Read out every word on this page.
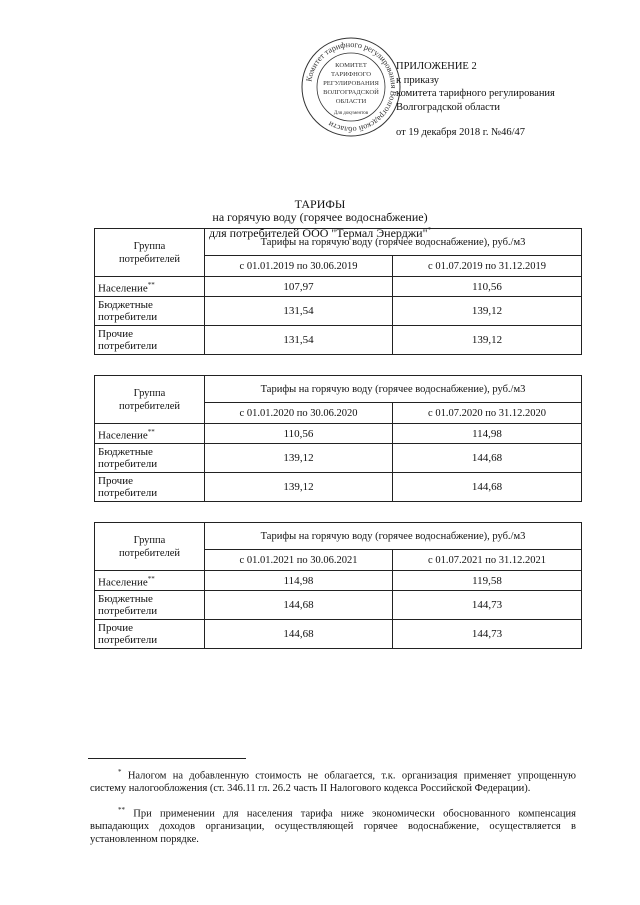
Комитет тарифного регулирования Волгоградской области
КОМИТЕТ
ТАРИФНОГО
РЕГУЛИРОВАНИЯ
ВОЛГОГРАДСКОЙ
ОБЛАСТИ
Для документов
ПРИЛОЖЕНИЕ 2
к приказу
комитета тарифного регулирования
Волгоградской области
от 19 декабря 2018 г. №46/47
ТАРИФЫ
на горячую воду (горячее водоснабжение)
для потребителей ООО "Термал Энерджи"*
Группа
потребителей	Тарифы на горячую воду (горячее водоснабжение), руб./м3	
	с 01.01.2019 по 30.06.2019	с 01.07.2019 по 31.12.2019
Население**	107,97	110,56
Бюджетные
потребители	131,54	139,12
Прочие
потребители	131,54	139,12
Группа
потребителей	Тарифы на горячую воду (горячее водоснабжение), руб./м3	
	с 01.01.2020 по 30.06.2020	с 01.07.2020 по 31.12.2020
Население**	110,56	114,98
Бюджетные
потребители	139,12	144,68
Прочие
потребители	139,12	144,68
Группа
потребителей	Тарифы на горячую воду (горячее водоснабжение), руб./м3	
	с 01.01.2021 по 30.06.2021	с 01.07.2021 по 31.12.2021
Население**	114,98	119,58
Бюджетные
потребители	144,68	144,73
Прочие
потребители	144,68	144,73
* Налогом на добавленную стоимость не облагается, т.к. организация применяет упрощенную систему налогообложения (ст. 346.11 гл. 26.2 часть II Налогового кодекса Российской Федерации).
** При применении для населения тарифа ниже экономически обоснованного компенсация выпадающих доходов организации, осуществляющей горячее водоснабжение, осуществляется в установленном порядке.
